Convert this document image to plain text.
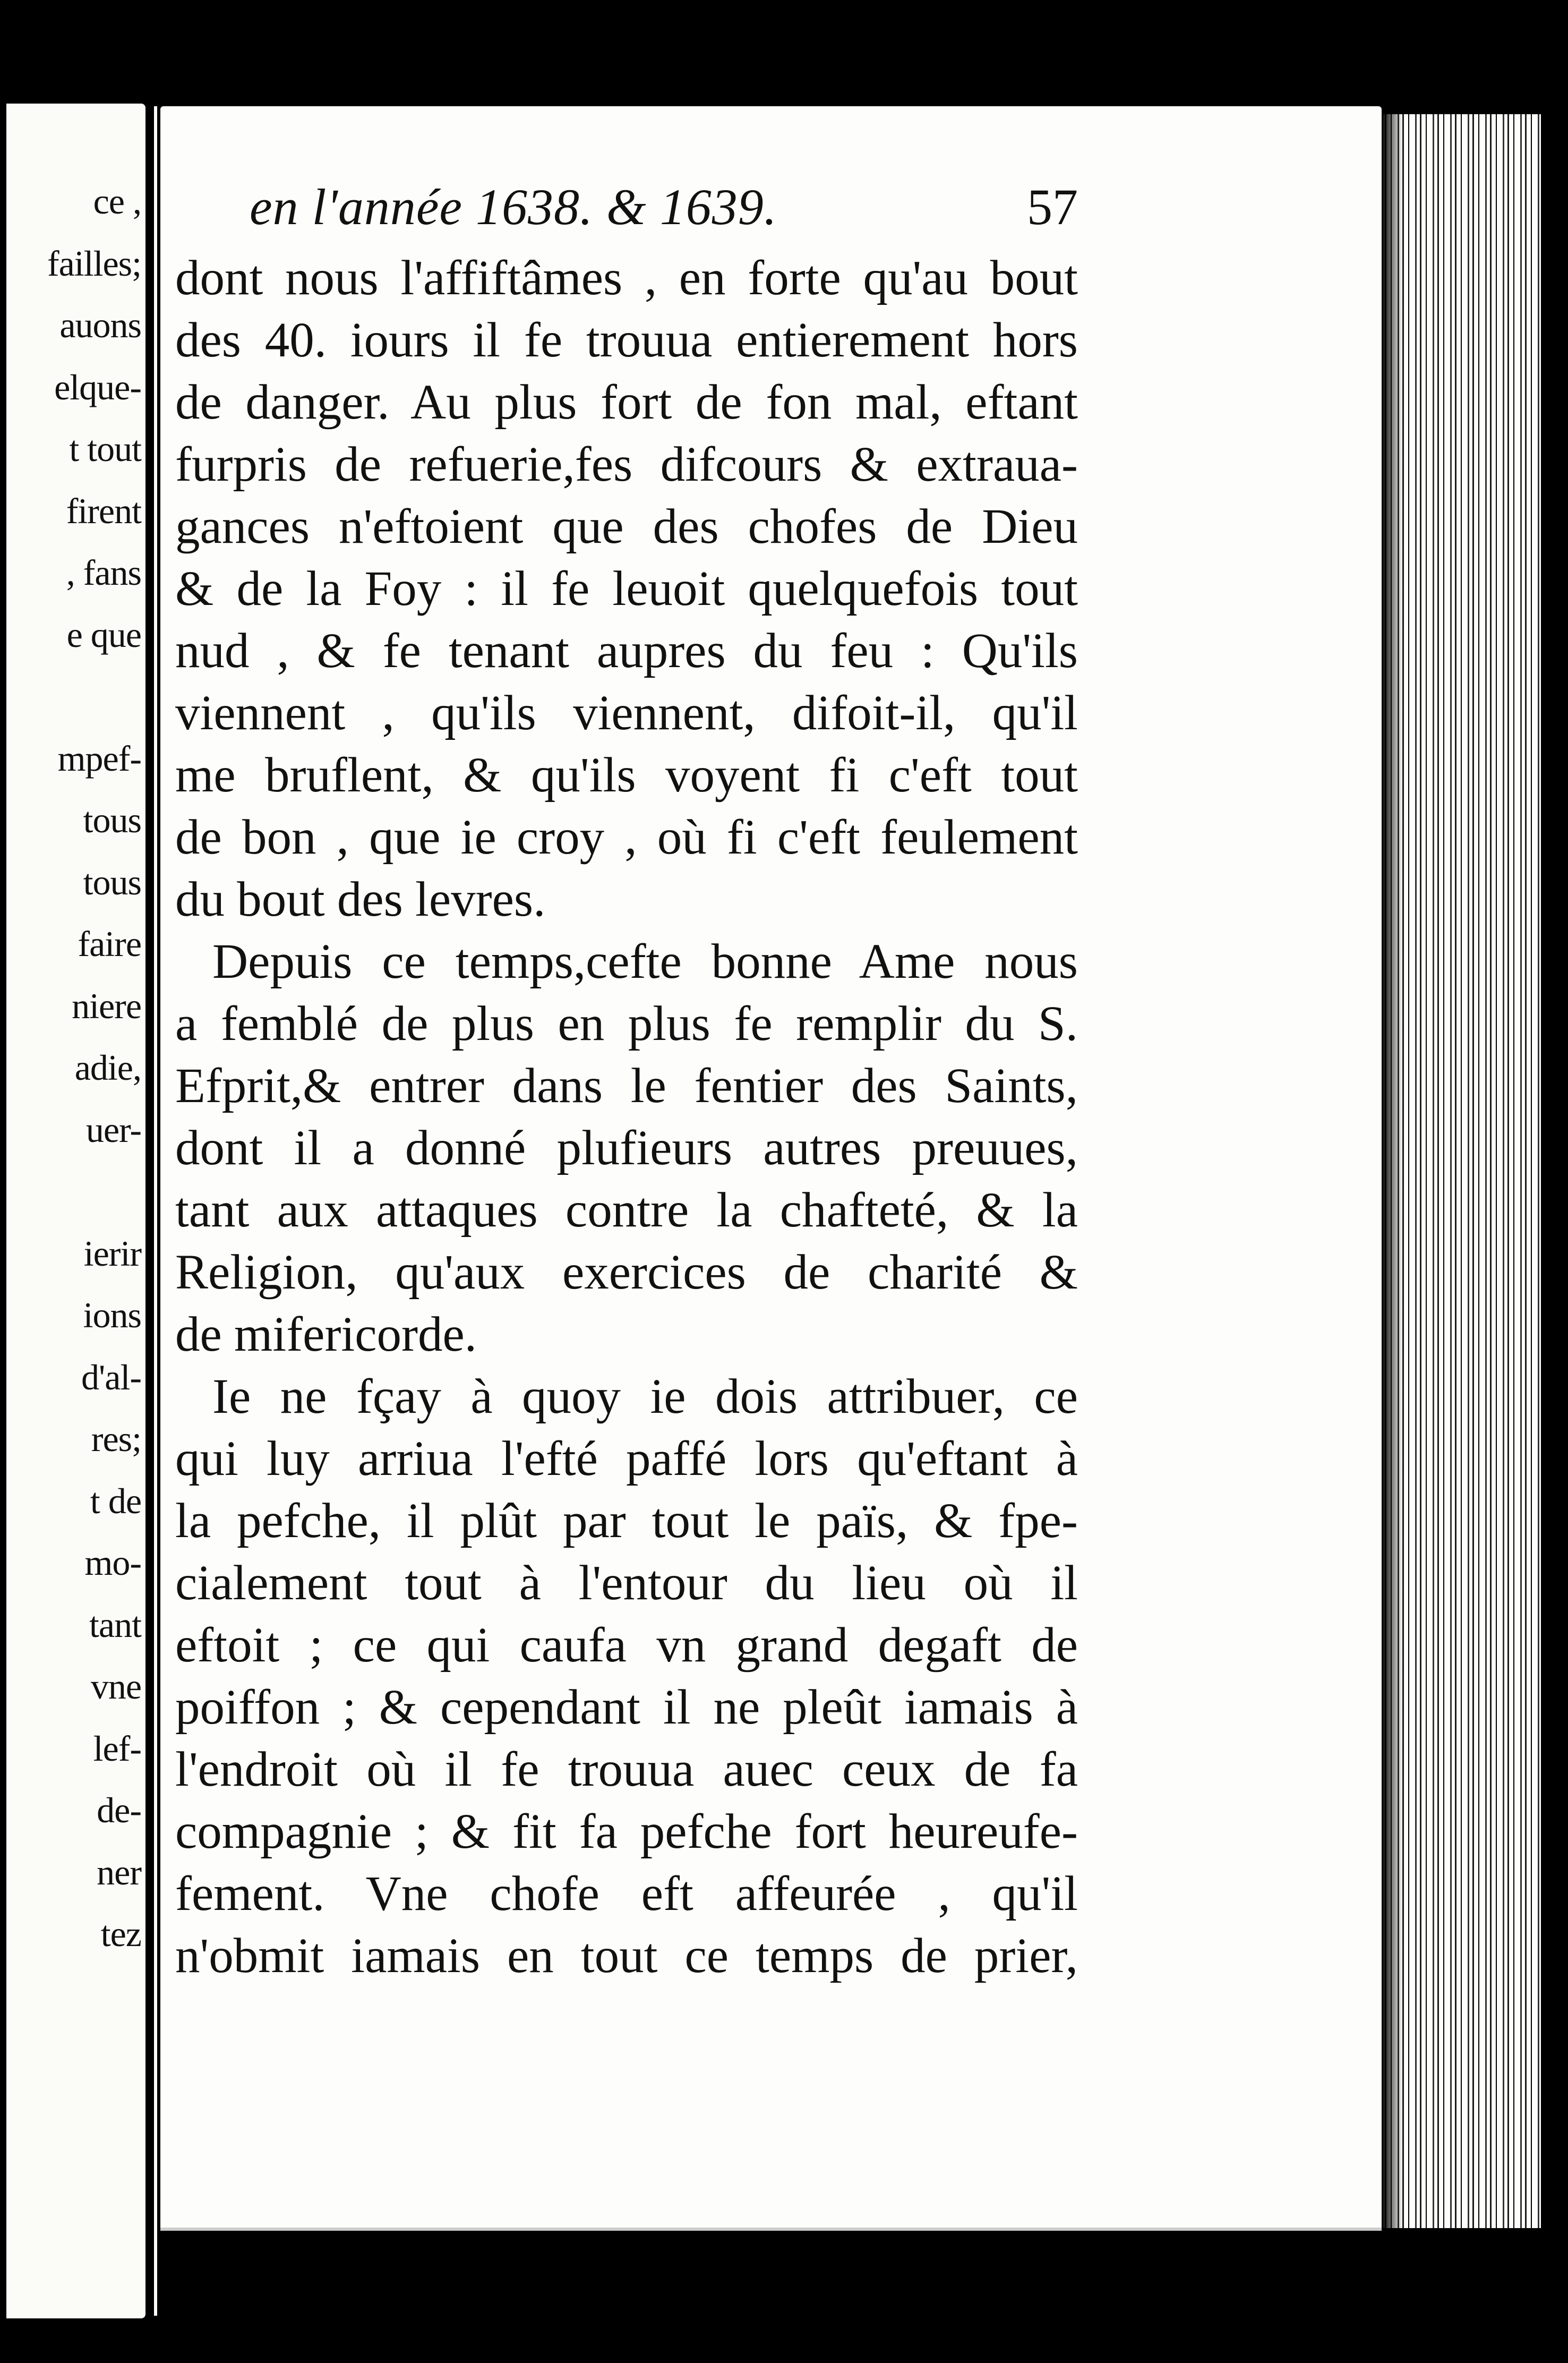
ce ,
failles;
auons
elque-
t tout
firent
, fans
e que
mpef-
tous
tous
faire
niere
adie,
uer-
ierir
ions
d'al-
res;
t de
mo-
tant
vne
lef-
de-
ner
tez
en l'année 1638. & 1639.	57
dont nous l'affiftâmes , en forte qu'au bout
des 40. iours il fe trouua entierement hors
de danger. Au plus fort de fon mal, eftant
furpris de refuerie,fes difcours & extraua-
gances n'eftoient que des chofes de Dieu
& de la Foy : il fe leuoit quelquefois tout
nud , & fe tenant aupres du feu : Qu'ils
viennent , qu'ils viennent, difoit-il, qu'il
me bruflent, & qu'ils voyent fi c'eft tout
de bon , que ie croy , où fi c'eft feulement
du bout des levres.
Depuis ce temps,cefte bonne Ame nous
a femblé de plus en plus fe remplir du S.
Efprit,& entrer dans le fentier des Saints,
dont il a donné plufieurs autres preuues,
tant aux attaques contre la chafteté, & la
Religion, qu'aux exercices de charité &
de mifericorde.
Ie ne fçay à quoy ie dois attribuer, ce
qui luy arriua l'efté paffé lors qu'eftant à
la pefche, il plût par tout le païs, & fpe-
cialement tout à l'entour du lieu où il
eftoit ; ce qui caufa vn grand degaft de
poiffon ; & cependant il ne pleût iamais à
l'endroit où il fe trouua auec ceux de fa
compagnie ; & fit fa pefche fort heureufe-
fement. Vne chofe eft affeurée , qu'il
n'obmit iamais en tout ce temps de prier,
